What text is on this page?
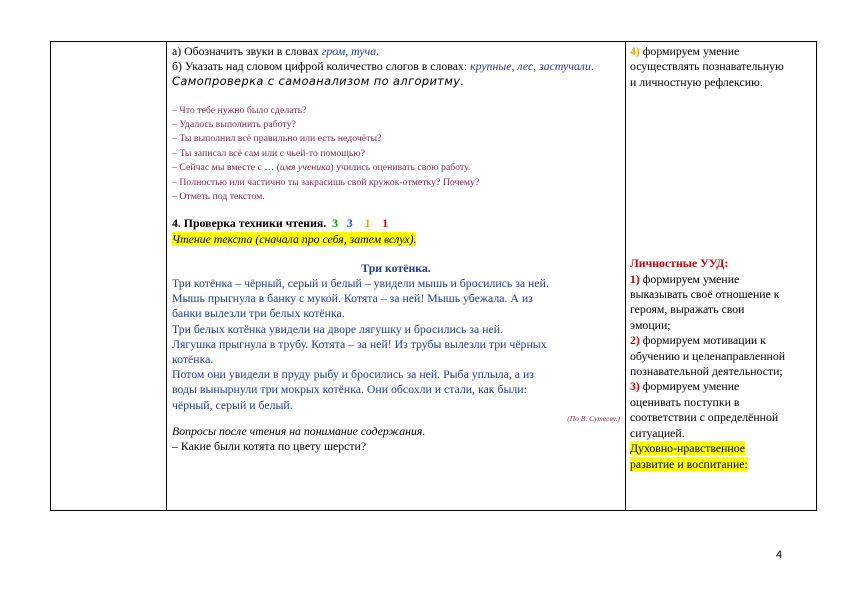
а) Обозначить звуки в словах гром, туча.
б) Указать над словом цифрой количество слогов в словах: крупные, лес, застучали.
Самопроверка с самоанализом по алгоритму.
– Что тебе нужно было сделать?
– Удалось выполнить работу?
– Ты выполнил всё правильно или есть недочёты?
– Ты записал всё сам или с чьей-то помощью?
– Сейчас мы вместе с … (имя ученика) учились оценивать свою работу.
– Полностью или частично ты закрасишь свой кружок-отметку? Почему?
– Отметь под текстом.
4. Проверка техники чтения. 3 3 1 1
Чтение текста (сначала про себя, затем вслух).
Три котёнка.
Три котёнка – чёрный, серый и белый – увидели мышь и бросились за ней.
Мышь прыгнула в банку с мукой. Котята – за ней! Мышь убежала. А из
банки вылезли три белых котёнка.
Три белых котёнка увидели на дворе лягушку и бросились за ней.
Лягушка прыгнула в трубу. Котята – за ней! Из трубы вылезли три чёрных
котёнка.
Потом они увидели в пруду рыбу и бросились за ней. Рыба уплыла, а из
воды вынырнули три мокрых котёнка. Они обсохли и стали, как были:
чёрный, серый и белый.
(По В. Сутееву.)
Вопросы после чтения на понимание содержания.
– Какие были котята по цвету шерсти?

4) формируем умение
осуществлять познавательную
и личностную рефлексию.
Личностные УУД:
1) формируем умение
выказывать своё отношение к
героям, выражать свои
эмоции;
2) формируем мотивации к
обучению и целенаправленной
познавательной деятельности;
3) формируем умение
оценивать поступки в
соответствии с определённой
ситуацией.
Духовно-нравственное
развитие и воспитание:
4
